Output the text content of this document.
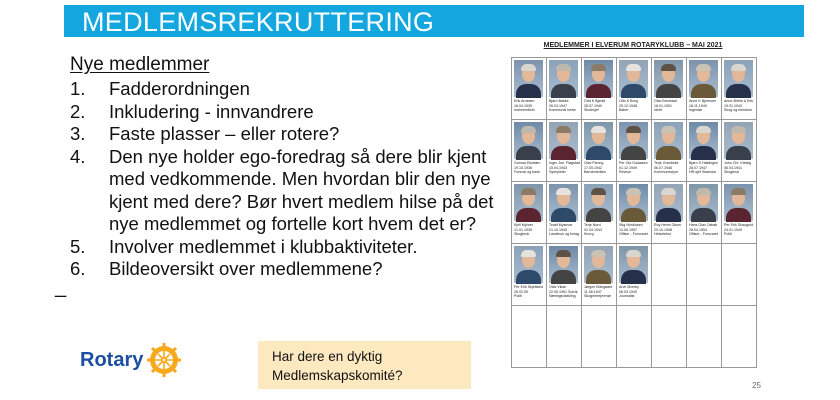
MEDLEMSREKRUTTERING
Nye medlemmer
1. Fadderordningen
2. Inkludering - innvandrere
3. Faste plasser – eller rotere?
4. Den nye holder ego-foredrag så dere blir kjent med vedkommende. Men hvordan blir den nye kjent med dere? Bør hvert medlem hilse på det nye medlemmet og fortelle kort hvem det er?
5. Involver medlemmet i klubbaktiviteter.
6. Bildeoversikt over medlemmene?
_
Rotary	Har dere en dyktig
Medlemskapskomité?
MEDLEMMER I ELVERUM ROTARYKLUBB – MAI 2021
Erik Arnesen
16.04.1939
Indremedisin
Bjørn Bakke
26.04.1947
Kommunal helse
Odd K Bjørkli
28.07.1940
Skolesjef
Otto K Borg
25.12.1948
Baker
Olav Brunstad
18.01.1951
Idrett
Anne K Bjernsen
18.11.1949
Ingeniør
Anne-Birthe A Eek
19.01.1943
Skog og eiendom
Gunnar Ekstrøm
19.10.1936
Forsvar og bank
Inger Joh. Fløgstad
15.04.1943
Sykepleier
Olav Fleong
17.05.1942
Barnemedisin
Per Ola Golaasen
01.12.1949
Revisor
Terje Granbekk
06.07.1946
Kommunestyre
Bjørn S Høklingen
28.07.1947
HR-sjef Skanska
John Chr. Kielsig
06.04.1941
Skogbruk
Kjell Myhrer
21.01.1935
Skogbruk
Toralf Mysmoe
21.10.1945
Landbruk og forlag
Terje Nord
02.04.1943
Kirurg
Stig Nordlosen
13.06.1957
Offiser - Forsvaret
Roy Helmi Olsen
20.10.1948
Helsetekst
Hans Olav Osbak
28.04.1954
Offiser - Forsvaret
Per Erik Skaugrud
24.01.1949
Politi
Per Erik Skjellsted
26.02.59
Politi
Olav Vikan
22.05.1951 Solvik
Næringsutvikling
Jørgen Ødegaard
11.08.1947
Skogentreprenør
Arve Øverby
06.03.1940
Journalist
25
